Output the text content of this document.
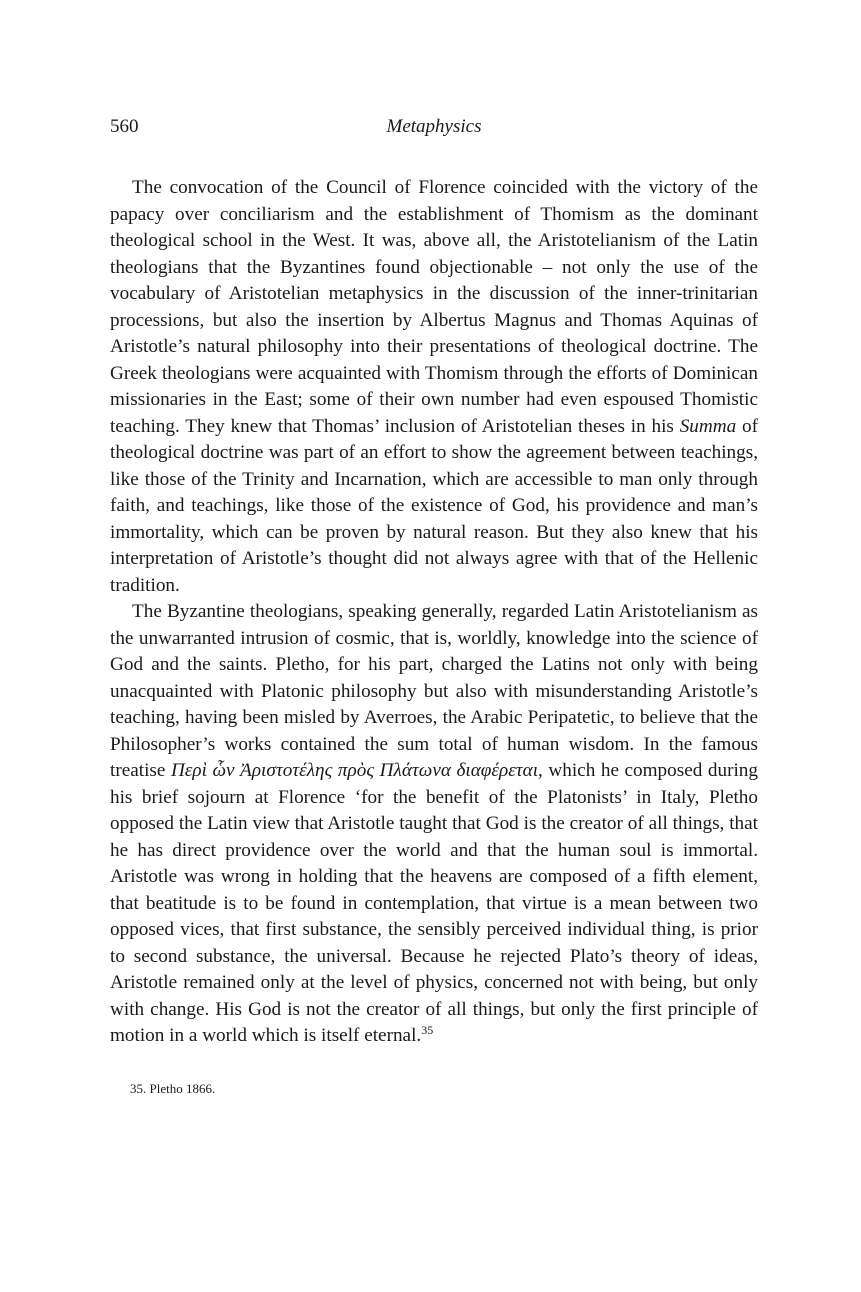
560	Metaphysics

The convocation of the Council of Florence coincided with the victory of the papacy over conciliarism and the establishment of Thomism as the dominant theological school in the West. It was, above all, the Aristotelianism of the Latin theologians that the Byzantines found objectionable – not only the use of the vocabulary of Aristotelian metaphysics in the discussion of the inner-trinitarian processions, but also the insertion by Albertus Magnus and Thomas Aquinas of Aristotle’s natural philosophy into their presentations of theological doctrine. The Greek theologians were acquainted with Thomism through the efforts of Dominican missionaries in the East; some of their own number had even espoused Thomistic teaching. They knew that Thomas’ inclusion of Aristotelian theses in his Summa of theological doctrine was part of an effort to show the agreement between teachings, like those of the Trinity and Incarnation, which are accessible to man only through faith, and teachings, like those of the existence of God, his providence and man’s immortality, which can be proven by natural reason. But they also knew that his interpretation of Aristotle’s thought did not always agree with that of the Hellenic tradition.

The Byzantine theologians, speaking generally, regarded Latin Aristotelianism as the unwarranted intrusion of cosmic, that is, worldly, knowledge into the science of God and the saints. Pletho, for his part, charged the Latins not only with being unacquainted with Platonic philosophy but also with misunderstanding Aristotle’s teaching, having been misled by Averroes, the Arabic Peripatetic, to believe that the Philosopher’s works contained the sum total of human wisdom. In the famous treatise Περὶ ὧν Ἀριστοτέλης πρὸς Πλάτωνα διαφέρεται, which he composed during his brief sojourn at Florence ‘for the benefit of the Platonists’ in Italy, Pletho opposed the Latin view that Aristotle taught that God is the creator of all things, that he has direct providence over the world and that the human soul is immortal. Aristotle was wrong in holding that the heavens are composed of a fifth element, that beatitude is to be found in contemplation, that virtue is a mean between two opposed vices, that first substance, the sensibly perceived individual thing, is prior to second substance, the universal. Because he rejected Plato’s theory of ideas, Aristotle remained only at the level of physics, concerned not with being, but only with change. His God is not the creator of all things, but only the first principle of motion in a world which is itself eternal.$^{35}$

35. Pletho 1866.
